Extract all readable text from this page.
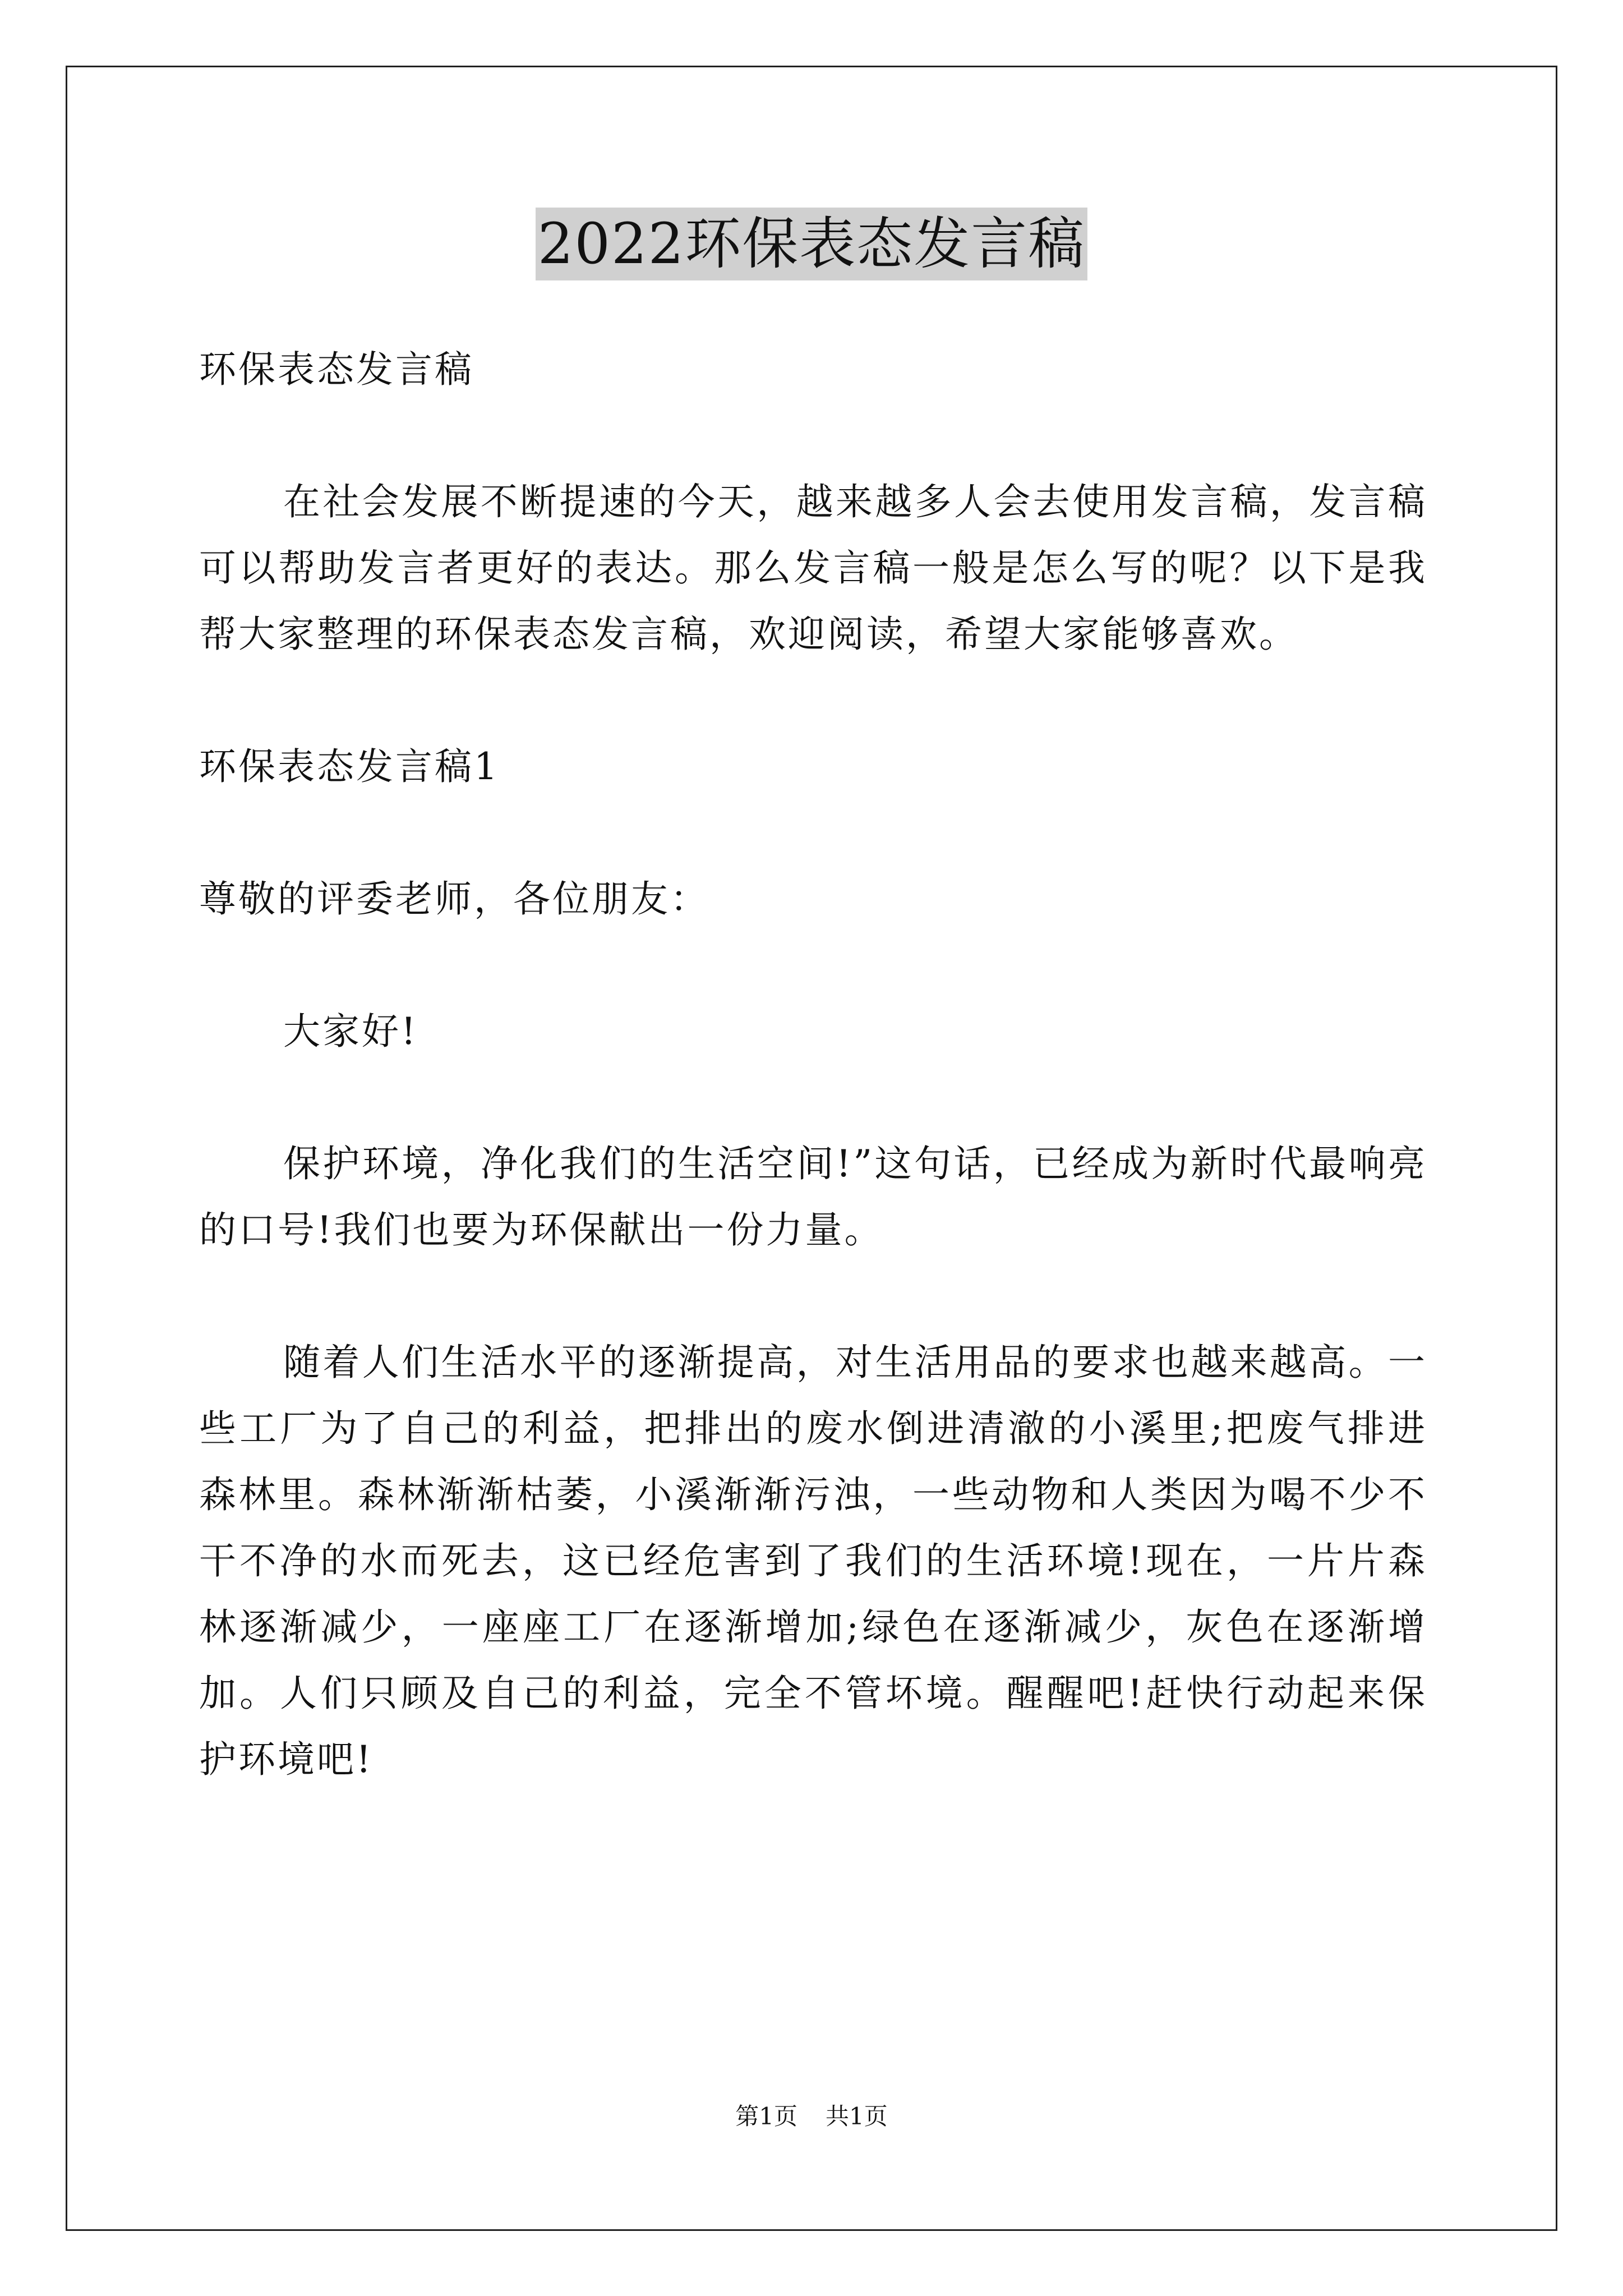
2022环保表态发言稿

环保表态发言稿

在社会发展不断提速的今天，越来越多人会去使用发言稿，发言稿可以帮助发言者更好的表达。那么发言稿一般是怎么写的呢？以下是我帮大家整理的环保表态发言稿，欢迎阅读，希望大家能够喜欢。

环保表态发言稿1

尊敬的评委老师，各位朋友：

大家好!

保护环境，净化我们的生活空间!”这句话，已经成为新时代最响亮的口号!我们也要为环保献出一份力量。

随着人们生活水平的逐渐提高，对生活用品的要求也越来越高。一些工厂为了自己的利益，把排出的废水倒进清澈的小溪里;把废气排进森林里。森林渐渐枯萎，小溪渐渐污浊，一些动物和人类因为喝不少不干不净的水而死去，这已经危害到了我们的生活环境!现在，一片片森林逐渐减少，一座座工厂在逐渐增加;绿色在逐渐减少，灰色在逐渐增加。人们只顾及自己的利益，完全不管坏境。醒醒吧!赶快行动起来保护环境吧!

第1页 共1页
